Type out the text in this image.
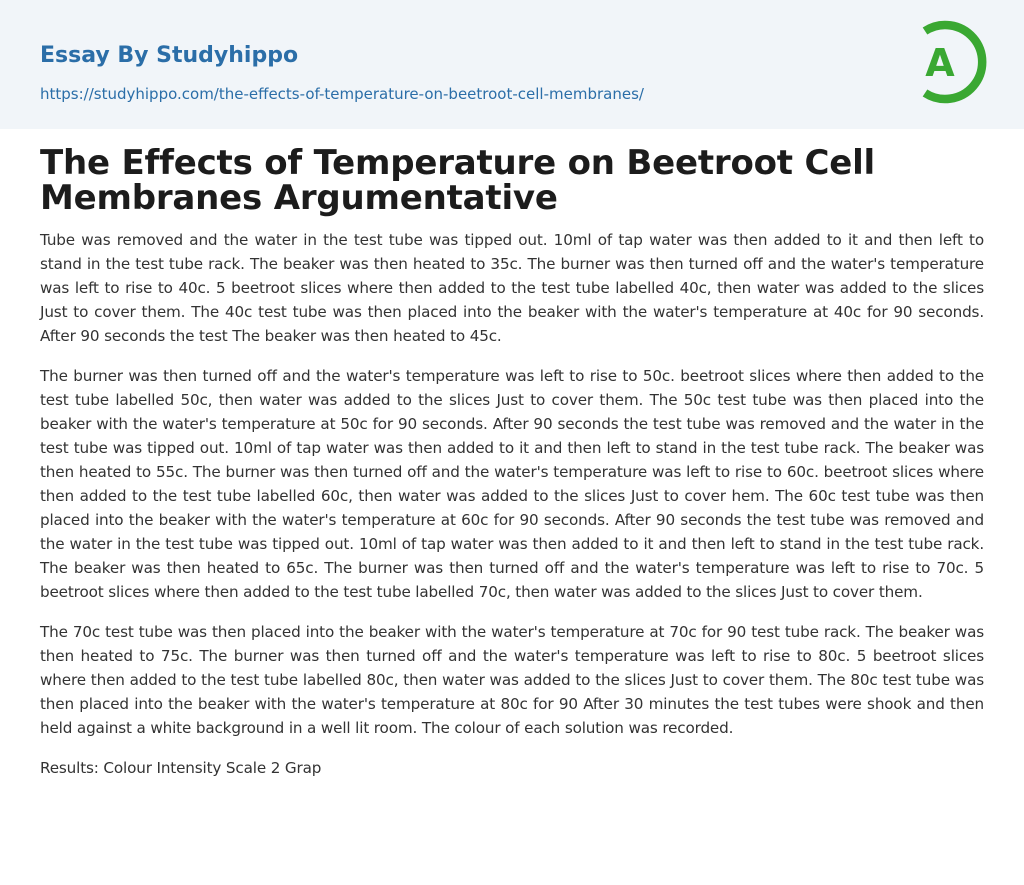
Essay By Studyhippo
https://studyhippo.com/the-effects-of-temperature-on-beetroot-cell-membranes/
A
The Effects of Temperature on Beetroot Cell Membranes Argumentative

Tube was removed and the water in the test tube was tipped out. 10ml of tap water was then added to it and then left to stand in the test tube rack. The beaker was then heated to 35c. The burner was then turned off and the water's temperature was left to rise to 40c. 5 beetroot slices where then added to the test tube labelled 40c, then water was added to the slices Just to cover them. The 40c test tube was then placed into the beaker with the water's temperature at 40c for 90 seconds. After 90 seconds the test The beaker was then heated to 45c.

The burner was then turned off and the water's temperature was left to rise to 50c. beetroot slices where then added to the test tube labelled 50c, then water was added to the slices Just to cover them. The 50c test tube was then placed into the beaker with the water's temperature at 50c for 90 seconds. After 90 seconds the test tube was removed and the water in the test tube was tipped out. 10ml of tap water was then added to it and then left to stand in the test tube rack. The beaker was then heated to 55c. The burner was then turned off and the water's temperature was left to rise to 60c. beetroot slices where then added to the test tube labelled 60c, then water was added to the slices Just to cover hem. The 60c test tube was then placed into the beaker with the water's temperature at 60c for 90 seconds. After 90 seconds the test tube was removed and the water in the test tube was tipped out. 10ml of tap water was then added to it and then left to stand in the test tube rack. The beaker was then heated to 65c. The burner was then turned off and the water's temperature was left to rise to 70c. 5 beetroot slices where then added to the test tube labelled 70c, then water was added to the slices Just to cover them.

The 70c test tube was then placed into the beaker with the water's temperature at 70c for 90 test tube rack. The beaker was then heated to 75c. The burner was then turned off and the water's temperature was left to rise to 80c. 5 beetroot slices where then added to the test tube labelled 80c, then water was added to the slices Just to cover them. The 80c test tube was then placed into the beaker with the water's temperature at 80c for 90 After 30 minutes the test tubes were shook and then held against a white background in a well lit room. The colour of each solution was recorded.

Results: Colour Intensity Scale 2 Grap
